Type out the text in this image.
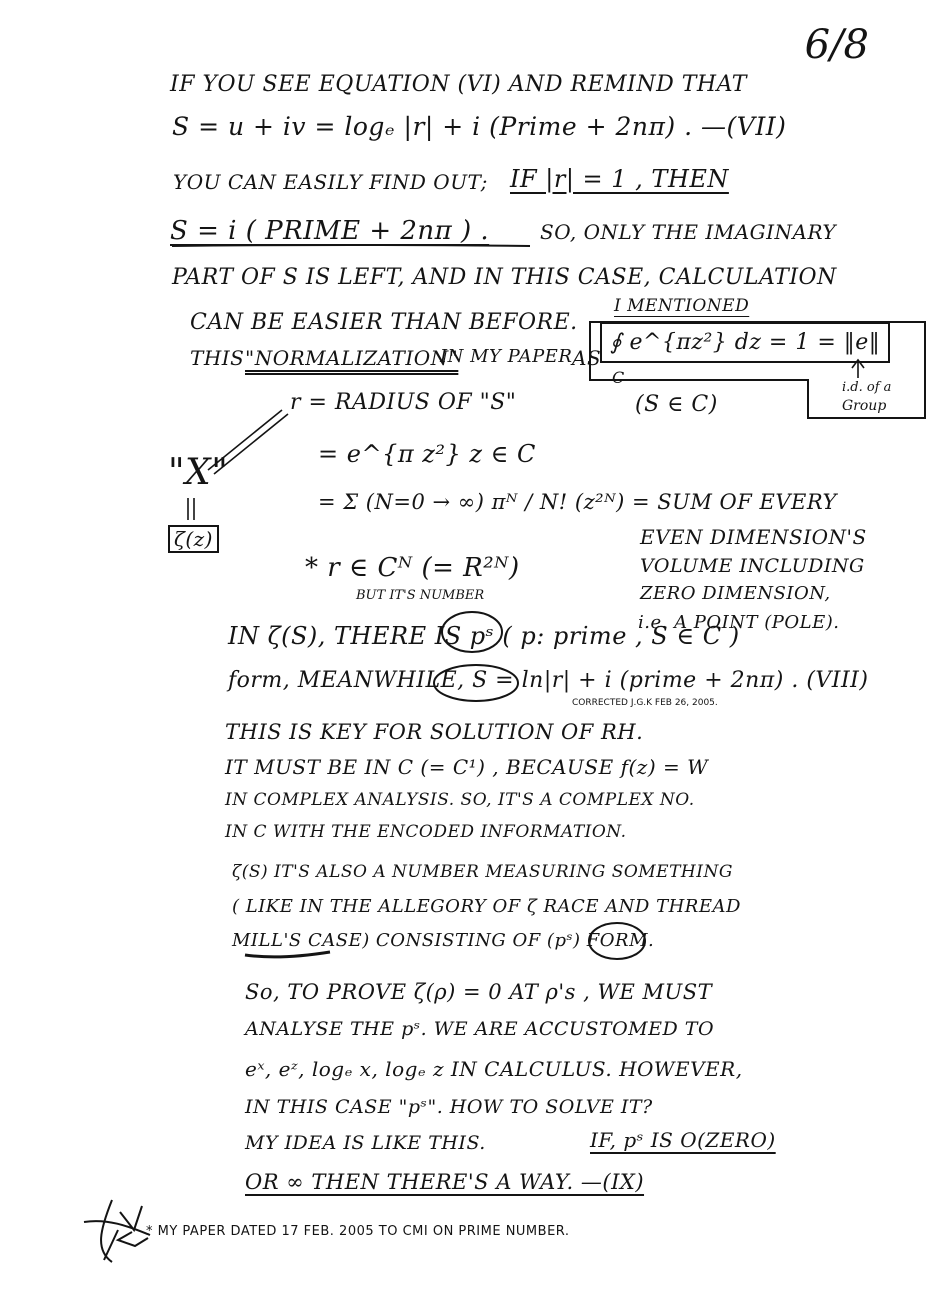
6/8
IF YOU SEE EQUATION (VI) AND REMIND THAT
S = u + iv = logₑ |r| + i (Prime + 2nπ) . —(VII)
YOU CAN EASILY FIND OUT; IF |r| = 1 , THEN
S = i ( PRIME + 2nπ ) .	SO, ONLY THE IMAGINARY
PART OF S IS LEFT, AND IN THIS CASE, CALCULATION
CAN BE EASIER THAN BEFORE.
I MENTIONED
THIS "NORMALIZATION"
IN MY PAPER AS
∮ e^{πz²} dz = 1 = ‖e‖
C
i.d. of a
Group
r = RADIUS OF "S"	(S ∈ C)
= e^{π z²} z ∈ C
"X"
ζ(z)
= Σ (N=0 → ∞) πᴺ / N! (z²ᴺ) = SUM OF EVERY
EVEN DIMENSION'S
VOLUME INCLUDING
ZERO DIMENSION,
* r ∈ Cᴺ (= R²ᴺ)
BUT IT'S NUMBER
i.e. A POINT (POLE).
IN ζ(S), THERE IS pˢ ( p: prime , S ∈ C )
form, MEANWHILE, S = ln|r| + i (prime + 2nπ) . (VIII)
CORRECTED J.G.K FEB 26, 2005.
THIS IS KEY FOR SOLUTION OF RH.
IT MUST BE IN C (= C¹) , BECAUSE f(z) = W
IN COMPLEX ANALYSIS. SO, IT'S A COMPLEX NO.
IN C WITH THE ENCODED INFORMATION.
ζ(S) IT'S ALSO A NUMBER MEASURING SOMETHING
( LIKE IN THE ALLEGORY OF ζ RACE AND THREAD
MILL'S CASE) CONSISTING OF (pˢ) FORM.
So, TO PROVE ζ(ρ) = 0 AT ρ's , WE MUST
ANALYSE THE pˢ. WE ARE ACCUSTOMED TO
eˣ, eᶻ, logₑ x, logₑ z IN CALCULUS. HOWEVER,
IN THIS CASE "pˢ". HOW TO SOLVE IT?
MY IDEA IS LIKE THIS.	IF, pˢ IS O(ZERO)
OR ∞ THEN THERE'S A WAY. —(IX)
* MY PAPER DATED 17 FEB. 2005 TO CMI ON PRIME NUMBER.
